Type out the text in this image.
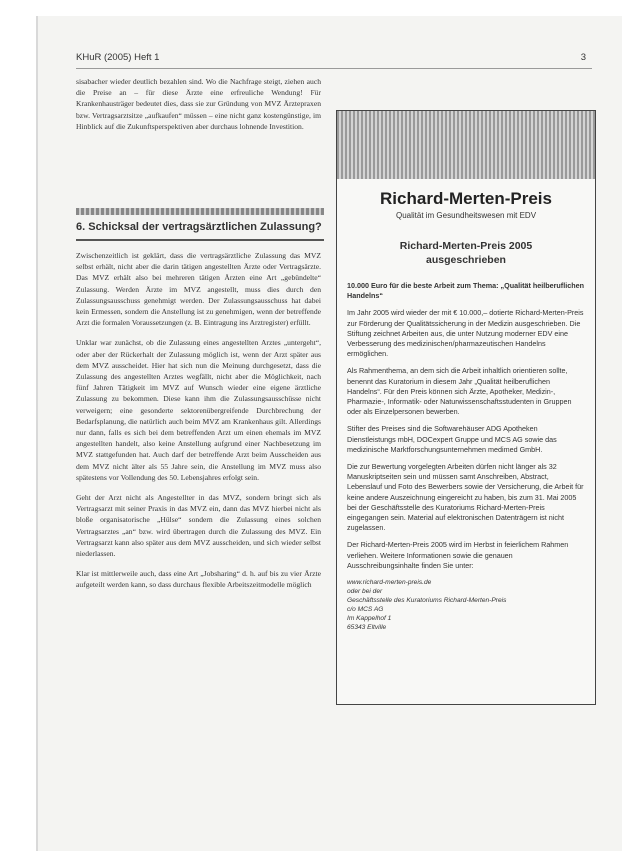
KHuR (2005) Heft 1	3

sisabacher wieder deutlich bezahlen sind. Wo die Nachfrage steigt, ziehen auch die Preise an – für diese Ärzte eine erfreuliche Wendung! Für Krankenhausträger bedeutet dies, dass sie zur Gründung von MVZ Ärztepraxen bzw. Vertragsarztsitze „aufkaufen“ müssen – eine nicht ganz kostengünstige, im Hinblick auf die Zukunftsperspektiven aber durchaus lohnende Investition.

6. Schicksal der vertragsärztlichen Zulassung?

Zwischenzeitlich ist geklärt, dass die vertragsärztliche Zulassung das MVZ selbst erhält, nicht aber die darin tätigen angestellten Ärzte oder Vertragsärzte. Das MVZ erhält also bei mehreren tätigen Ärzten eine Art „gebündelte“ Zulassung. Werden Ärzte im MVZ angestellt, muss dies durch den Zulassungsausschuss genehmigt werden. Der Zulassungsausschuss hat dabei kein Ermessen, sondern die Anstellung ist zu genehmigen, wenn der betreffende Arzt die formalen Voraussetzungen (z. B. Eintragung ins Arztregister) erfüllt.

Unklar war zunächst, ob die Zulassung eines angestellten Arztes „untergeht“, oder aber der Rückerhalt der Zulassung möglich ist, wenn der Arzt später aus dem MVZ ausscheidet. Hier hat sich nun die Meinung durchgesetzt, dass die Zulassung des angestellten Arztes wegfällt, nicht aber die Möglichkeit, nach fünf Jahren Tätigkeit im MVZ auf Wunsch wieder eine eigene ärztliche Zulassung zu bekommen. Diese kann ihm die Zulassungsausschüsse nicht verweigern; eine gesonderte sektorenübergreifende Durchbrechung der Bedarfsplanung, die natürlich auch beim MVZ am Krankenhaus gilt. Allerdings nur dann, falls es sich bei dem betreffenden Arzt um einen ehemals im MVZ angestellten handelt, also keine Anstellung aufgrund einer Nachbesetzung im MVZ stattgefunden hat. Auch darf der betreffende Arzt beim Ausscheiden aus dem MVZ nicht älter als 55 Jahre sein, die Anstellung im MVZ muss also spätestens vor Vollendung des 50. Lebensjahres erfolgt sein.

Geht der Arzt nicht als Angestellter in das MVZ, sondern bringt sich als Vertragsarzt mit seiner Praxis in das MVZ ein, dann das MVZ hierbei nicht als bloße organisatorische „Hülse“ sondern die Zulassung eines solchen Vertragsarztes „an“ bzw. wird übertragen durch die Zulassung des MVZ. Ein Vertragsarzt kann also später aus dem MVZ ausscheiden, und sich wieder selbst niederlassen.

Klar ist mittlerweile auch, dass eine Art „Jobsharing“ d. h. auf bis zu vier Ärzte aufgeteilt werden kann, so dass durchaus flexible Arbeitszeitmodelle möglich

Richard-Merten-Preis
Qualität im Gesundheitswesen mit EDV
Richard-Merten-Preis 2005
ausgeschrieben

10.000 Euro für die beste Arbeit zum Thema: „Qualität heilberuflichen Handelns“

Im Jahr 2005 wird wieder der mit € 10.000,– dotierte Richard-Merten-Preis zur Förderung der Qualitätssicherung in der Medizin ausgeschrieben. Die Stiftung zeichnet Arbeiten aus, die unter Nutzung moderner EDV eine Verbesserung des medizinischen/pharmazeutischen Handelns ermöglichen.

Als Rahmenthema, an dem sich die Arbeit inhaltlich orientieren sollte, benennt das Kuratorium in diesem Jahr „Qualität heilberuflichen Handelns“. Für den Preis können sich Ärzte, Apotheker, Medizin-, Pharmazie-, Informatik- oder Naturwissenschaftsstudenten in Gruppen oder als Einzelpersonen bewerben.

Stifter des Preises sind die Softwarehäuser ADG Apotheken Dienstleistungs mbH, DOCexpert Gruppe und MCS AG sowie das medizinische Marktforschungsunternehmen medimed GmbH.

Die zur Bewertung vorgelegten Arbeiten dürfen nicht länger als 32 Manuskriptseiten sein und müssen samt Anschreiben, Abstract, Lebenslauf und Foto des Bewerbers sowie der Versicherung, die Arbeit für keine andere Auszeichnung eingereicht zu haben, bis zum 31. Mai 2005 bei der Geschäftsstelle des Kuratoriums Richard-Merten-Preis eingegangen sein. Material auf elektronischen Datenträgern ist nicht zugelassen.

Der Richard-Merten-Preis 2005 wird im Herbst in feierlichem Rahmen verliehen. Weitere Informationen sowie die genauen Ausschreibungsinhalte finden Sie unter:

www.richard-merten-preis.de
oder bei der
Geschäftsstelle des Kuratoriums Richard-Merten-Preis
c/o MCS AG
Im Kappelhof 1
65343 Eltville
